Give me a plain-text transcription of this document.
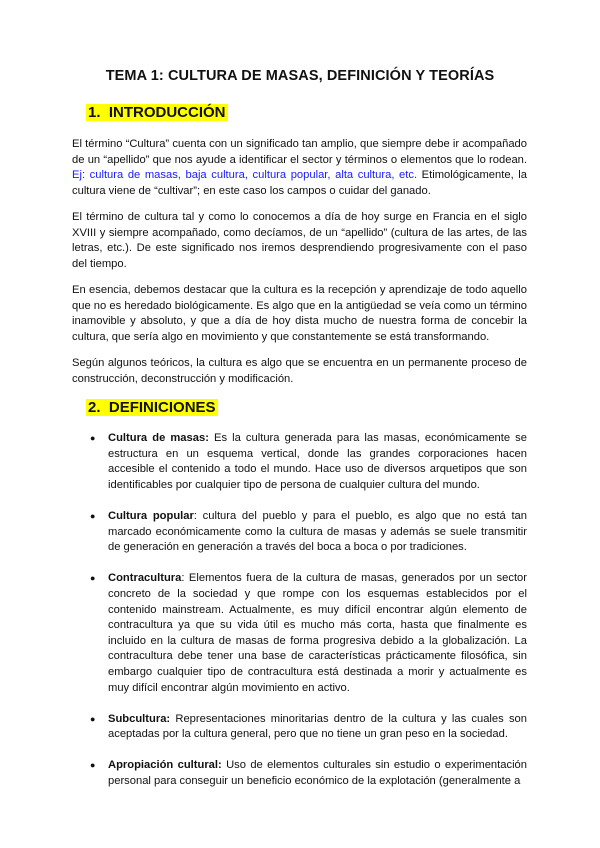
TEMA 1: CULTURA DE MASAS, DEFINICIÓN Y TEORÍAS
1. INTRODUCCIÓN

El término “Cultura” cuenta con un significado tan amplio, que siempre debe ir acompañado de un “apellido” que nos ayude a identificar el sector y términos o elementos que lo rodean. Ej: cultura de masas, baja cultura, cultura popular, alta cultura, etc. Etimológicamente, la cultura viene de “cultivar”; en este caso los campos o cuidar del ganado.

El término de cultura tal y como lo conocemos a día de hoy surge en Francia en el siglo XVIII y siempre acompañado, como decíamos, de un “apellido” (cultura de las artes, de las letras, etc.). De este significado nos iremos desprendiendo progresivamente con el paso del tiempo.

En esencia, debemos destacar que la cultura es la recepción y aprendizaje de todo aquello que no es heredado biológicamente. Es algo que en la antigüedad se veía como un término inamovible y absoluto, y que a día de hoy dista mucho de nuestra forma de concebir la cultura, que sería algo en movimiento y que constantemente se está transformando.

Según algunos teóricos, la cultura es algo que se encuentra en un permanente proceso de construcción, deconstrucción y modificación.

2. DEFINICIONES
● Cultura de masas: Es la cultura generada para las masas, económicamente se estructura en un esquema vertical, donde las grandes corporaciones hacen accesible el contenido a todo el mundo. Hace uso de diversos arquetipos que son identificables por cualquier tipo de persona de cualquier cultura del mundo.
● Cultura popular: cultura del pueblo y para el pueblo, es algo que no está tan marcado económicamente como la cultura de masas y además se suele transmitir de generación en generación a través del boca a boca o por tradiciones.
● Contracultura: Elementos fuera de la cultura de masas, generados por un sector concreto de la sociedad y que rompe con los esquemas establecidos por el contenido mainstream. Actualmente, es muy difícil encontrar algún elemento de contracultura ya que su vida útil es mucho más corta, hasta que finalmente es incluido en la cultura de masas de forma progresiva debido a la globalización. La contracultura debe tener una base de características prácticamente filosófica, sin embargo cualquier tipo de contracultura está destinada a morir y actualmente es muy difícil encontrar algún movimiento en activo.
● Subcultura: Representaciones minoritarias dentro de la cultura y las cuales son aceptadas por la cultura general, pero que no tiene un gran peso en la sociedad.
● Apropiación cultural: Uso de elementos culturales sin estudio o experimentación personal para conseguir un beneficio económico de la explotación (generalmente a
